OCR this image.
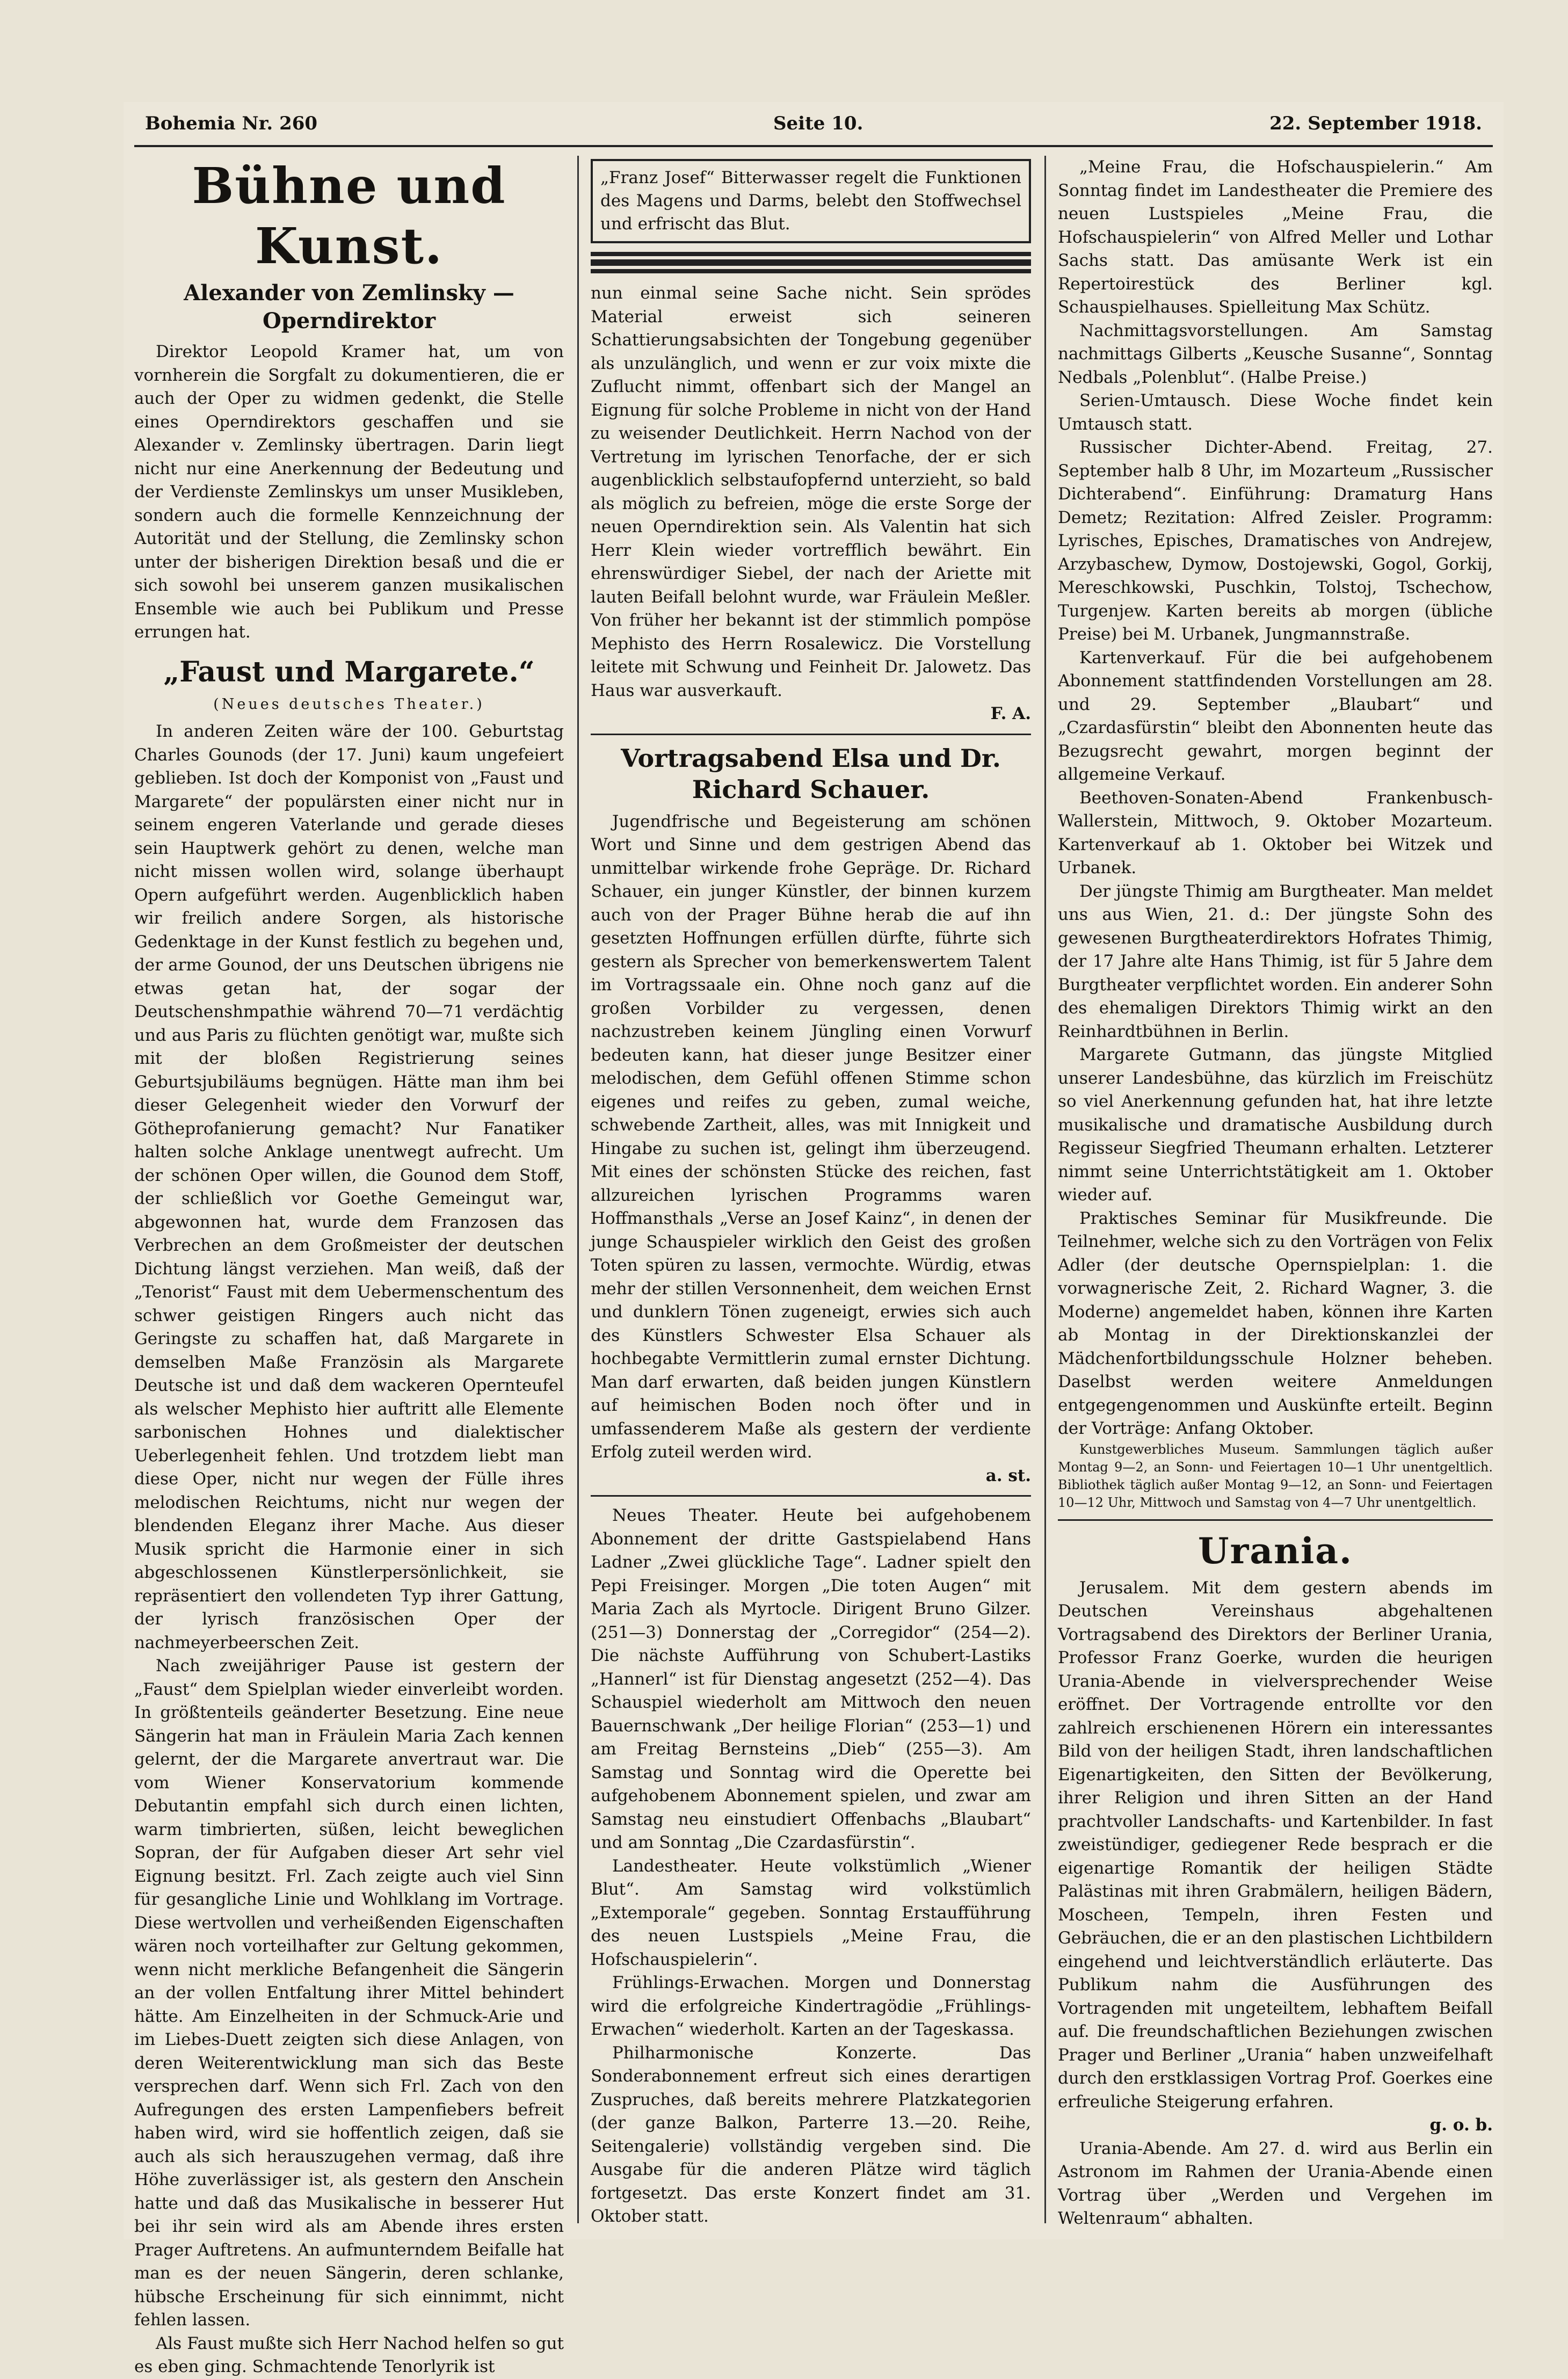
Bohemia Nr. 260	Seite 10.	22. September 1918.
Bühne und Kunst.
Alexander von Zemlinsky — Operndirektor

Direktor Leopold Kramer hat, um von vornherein die Sorgfalt zu dokumentieren, die er auch der Oper zu widmen gedenkt, die Stelle eines Operndirektors geschaffen und sie Alexander v. Zemlinsky übertragen. Darin liegt nicht nur eine Anerkennung der Bedeutung und der Verdienste Zemlinskys um unser Musikleben, sondern auch die formelle Kennzeichnung der Autorität und der Stellung, die Zemlinsky schon unter der bisherigen Direktion besaß und die er sich sowohl bei unserem ganzen musikalischen Ensemble wie auch bei Publikum und Presse errungen hat.

„Faust und Margarete.“
(Neues deutsches Theater.)

In anderen Zeiten wäre der 100. Geburtstag Charles Gounods (der 17. Juni) kaum ungefeiert geblieben. Ist doch der Komponist von „Faust und Margarete“ der populärsten einer nicht nur in seinem engeren Vaterlande und gerade dieses sein Hauptwerk gehört zu denen, welche man nicht missen wollen wird, solange überhaupt Opern aufgeführt werden. Augenblicklich haben wir freilich andere Sorgen, als historische Gedenktage in der Kunst festlich zu begehen und, der arme Gounod, der uns Deutschen übrigens nie etwas getan hat, der sogar der Deutschenshmpathie während 70—71 verdächtig und aus Paris zu flüchten genötigt war, mußte sich mit der bloßen Registrierung seines Geburtsjubiläums begnügen. Hätte man ihm bei dieser Gelegenheit wieder den Vorwurf der Götheprofanierung gemacht? Nur Fanatiker halten solche Anklage unentwegt aufrecht. Um der schönen Oper willen, die Gounod dem Stoff, der schließlich vor Goethe Gemeingut war, abgewonnen hat, wurde dem Franzosen das Verbrechen an dem Großmeister der deutschen Dichtung längst verziehen. Man weiß, daß der „Tenorist“ Faust mit dem Uebermenschentum des schwer geistigen Ringers auch nicht das Geringste zu schaffen hat, daß Margarete in demselben Maße Französin als Margarete Deutsche ist und daß dem wackeren Opernteufel als welscher Mephisto hier auftritt alle Elemente sarbonischen Hohnes und dialektischer Ueberlegenheit fehlen. Und trotzdem liebt man diese Oper, nicht nur wegen der Fülle ihres melodischen Reichtums, nicht nur wegen der blendenden Eleganz ihrer Mache. Aus dieser Musik spricht die Harmonie einer in sich abgeschlossenen Künstlerpersönlichkeit, sie repräsentiert den vollendeten Typ ihrer Gattung, der lyrisch französischen Oper der nachmeyerbeerschen Zeit.

Nach zweijähriger Pause ist gestern der „Faust“ dem Spielplan wieder einverleibt worden. In größtenteils geänderter Besetzung. Eine neue Sängerin hat man in Fräulein Maria Zach kennen gelernt, der die Margarete anvertraut war. Die vom Wiener Konservatorium kommende Debutantin empfahl sich durch einen lichten, warm timbrierten, süßen, leicht beweglichen Sopran, der für Aufgaben dieser Art sehr viel Eignung besitzt. Frl. Zach zeigte auch viel Sinn für gesangliche Linie und Wohlklang im Vortrage. Diese wertvollen und verheißenden Eigenschaften wären noch vorteilhafter zur Geltung gekommen, wenn nicht merkliche Befangenheit die Sängerin an der vollen Entfaltung ihrer Mittel behindert hätte. Am Einzelheiten in der Schmuck-Arie und im Liebes-Duett zeigten sich diese Anlagen, von deren Weiterentwicklung man sich das Beste versprechen darf. Wenn sich Frl. Zach von den Aufregungen des ersten Lampenfiebers befreit haben wird, wird sie hoffentlich zeigen, daß sie auch als sich herauszugehen vermag, daß ihre Höhe zuverlässiger ist, als gestern den Anschein hatte und daß das Musikalische in besserer Hut bei ihr sein wird als am Abende ihres ersten Prager Auftretens. An aufmunterndem Beifalle hat man es der neuen Sängerin, deren schlanke, hübsche Erscheinung für sich einnimmt, nicht fehlen lassen.

Als Faust mußte sich Herr Nachod helfen so gut es eben ging. Schmachtende Tenorlyrik ist

„Franz Josef“ Bitterwasser regelt die Funktionen des Magens und Darms, belebt den Stoffwechsel und erfrischt das Blut.

nun einmal seine Sache nicht. Sein sprödes Material erweist sich seineren Schattierungsabsichten der Tongebung gegenüber als unzulänglich, und wenn er zur voix mixte die Zuflucht nimmt, offenbart sich der Mangel an Eignung für solche Probleme in nicht von der Hand zu weisender Deutlichkeit. Herrn Nachod von der Vertretung im lyrischen Tenorfache, der er sich augenblicklich selbstaufopfernd unterzieht, so bald als möglich zu befreien, möge die erste Sorge der neuen Operndirektion sein. Als Valentin hat sich Herr Klein wieder vortrefflich bewährt. Ein ehrenswürdiger Siebel, der nach der Ariette mit lauten Beifall belohnt wurde, war Fräulein Meßler. Von früher her bekannt ist der stimmlich pompöse Mephisto des Herrn Rosalewicz. Die Vorstellung leitete mit Schwung und Feinheit Dr. Jalowetz. Das Haus war ausverkauft.

F. A.
Vortragsabend Elsa und Dr. Richard Schauer.

Jugendfrische und Begeisterung am schönen Wort und Sinne und dem gestrigen Abend das unmittelbar wirkende frohe Gepräge. Dr. Richard Schauer, ein junger Künstler, der binnen kurzem auch von der Prager Bühne herab die auf ihn gesetzten Hoffnungen erfüllen dürfte, führte sich gestern als Sprecher von bemerkenswertem Talent im Vortragssaale ein. Ohne noch ganz auf die großen Vorbilder zu vergessen, denen nachzustreben keinem Jüngling einen Vorwurf bedeuten kann, hat dieser junge Besitzer einer melodischen, dem Gefühl offenen Stimme schon eigenes und reifes zu geben, zumal weiche, schwebende Zartheit, alles, was mit Innigkeit und Hingabe zu suchen ist, gelingt ihm überzeugend. Mit eines der schönsten Stücke des reichen, fast allzureichen lyrischen Programms waren Hoffmansthals „Verse an Josef Kainz“, in denen der junge Schauspieler wirklich den Geist des großen Toten spüren zu lassen, vermochte. Würdig, etwas mehr der stillen Versonnenheit, dem weichen Ernst und dunklern Tönen zugeneigt, erwies sich auch des Künstlers Schwester Elsa Schauer als hochbegabte Vermittlerin zumal ernster Dichtung. Man darf erwarten, daß beiden jungen Künstlern auf heimischen Boden noch öfter und in umfassenderem Maße als gestern der verdiente Erfolg zuteil werden wird.

a. st.

Neues Theater. Heute bei aufgehobenem Abonnement der dritte Gastspielabend Hans Ladner „Zwei glückliche Tage“. Ladner spielt den Pepi Freisinger. Morgen „Die toten Augen“ mit Maria Zach als Myrtocle. Dirigent Bruno Gilzer. (251—3) Donnerstag der „Corregidor“ (254—2). Die nächste Aufführung von Schubert-Lastiks „Hannerl“ ist für Dienstag angesetzt (252—4). Das Schauspiel wiederholt am Mittwoch den neuen Bauernschwank „Der heilige Florian“ (253—1) und am Freitag Bernsteins „Dieb“ (255—3). Am Samstag und Sonntag wird die Operette bei aufgehobenem Abonnement spielen, und zwar am Samstag neu einstudiert Offenbachs „Blaubart“ und am Sonntag „Die Czardasfürstin“.

Landestheater. Heute volkstümlich „Wiener Blut“. Am Samstag wird volkstümlich „Extemporale“ gegeben. Sonntag Erstaufführung des neuen Lustspiels „Meine Frau, die Hofschauspielerin“.

Frühlings-Erwachen. Morgen und Donnerstag wird die erfolgreiche Kindertragödie „Frühlings-Erwachen“ wiederholt. Karten an der Tageskassa.

Philharmonische Konzerte. Das Sonderabonnement erfreut sich eines derartigen Zuspruches, daß bereits mehrere Platzkategorien (der ganze Balkon, Parterre 13.—20. Reihe, Seitengalerie) vollständig vergeben sind. Die Ausgabe für die anderen Plätze wird täglich fortgesetzt. Das erste Konzert findet am 31. Oktober statt.

„Meine Frau, die Hofschauspielerin.“ Am Sonntag findet im Landestheater die Premiere des neuen Lustspieles „Meine Frau, die Hofschauspielerin“ von Alfred Meller und Lothar Sachs statt. Das amüsante Werk ist ein Repertoirestück des Berliner kgl. Schauspielhauses. Spielleitung Max Schütz.

Nachmittagsvorstellungen. Am Samstag nachmittags Gilberts „Keusche Susanne“, Sonntag Nedbals „Polenblut“. (Halbe Preise.)

Serien-Umtausch. Diese Woche findet kein Umtausch statt.

Russischer Dichter-Abend. Freitag, 27. September halb 8 Uhr, im Mozarteum „Russischer Dichterabend“. Einführung: Dramaturg Hans Demetz; Rezitation: Alfred Zeisler. Programm: Lyrisches, Episches, Dramatisches von Andrejew, Arzybaschew, Dymow, Dostojewski, Gogol, Gorkij, Mereschkowski, Puschkin, Tolstoj, Tschechow, Turgenjew. Karten bereits ab morgen (übliche Preise) bei M. Urbanek, Jungmannstraße.

Kartenverkauf. Für die bei aufgehobenem Abonnement stattfindenden Vorstellungen am 28. und 29. September „Blaubart“ und „Czardasfürstin“ bleibt den Abonnenten heute das Bezugsrecht gewahrt, morgen beginnt der allgemeine Verkauf.

Beethoven-Sonaten-Abend Frankenbusch-Wallerstein, Mittwoch, 9. Oktober Mozarteum. Kartenverkauf ab 1. Oktober bei Witzek und Urbanek.

Der jüngste Thimig am Burgtheater. Man meldet uns aus Wien, 21. d.: Der jüngste Sohn des gewesenen Burgtheaterdirektors Hofrates Thimig, der 17 Jahre alte Hans Thimig, ist für 5 Jahre dem Burgtheater verpflichtet worden. Ein anderer Sohn des ehemaligen Direktors Thimig wirkt an den Reinhardtbühnen in Berlin.

Margarete Gutmann, das jüngste Mitglied unserer Landesbühne, das kürzlich im Freischütz so viel Anerkennung gefunden hat, hat ihre letzte musikalische und dramatische Ausbildung durch Regisseur Siegfried Theumann erhalten. Letzterer nimmt seine Unterrichtstätigkeit am 1. Oktober wieder auf.

Praktisches Seminar für Musikfreunde. Die Teilnehmer, welche sich zu den Vorträgen von Felix Adler (der deutsche Opernspielplan: 1. die vorwagnerische Zeit, 2. Richard Wagner, 3. die Moderne) angemeldet haben, können ihre Karten ab Montag in der Direktionskanzlei der Mädchenfortbildungsschule Holzner beheben. Daselbst werden weitere Anmeldungen entgegengenommen und Auskünfte erteilt. Beginn der Vorträge: Anfang Oktober.

Kunstgewerbliches Museum. Sammlungen täglich außer Montag 9—2, an Sonn- und Feiertagen 10—1 Uhr unentgeltlich. Bibliothek täglich außer Montag 9—12, an Sonn- und Feiertagen 10—12 Uhr, Mittwoch und Samstag von 4—7 Uhr unentgeltlich.

Urania.

Jerusalem. Mit dem gestern abends im Deutschen Vereinshaus abgehaltenen Vortragsabend des Direktors der Berliner Urania, Professor Franz Goerke, wurden die heurigen Urania-Abende in vielversprechender Weise eröffnet. Der Vortragende entrollte vor den zahlreich erschienenen Hörern ein interessantes Bild von der heiligen Stadt, ihren landschaftlichen Eigenartigkeiten, den Sitten der Bevölkerung, ihrer Religion und ihren Sitten an der Hand prachtvoller Landschafts- und Kartenbilder. In fast zweistündiger, gediegener Rede besprach er die eigenartige Romantik der heiligen Städte Palästinas mit ihren Grabmälern, heiligen Bädern, Moscheen, Tempeln, ihren Festen und Gebräuchen, die er an den plastischen Lichtbildern eingehend und leichtverständlich erläuterte. Das Publikum nahm die Ausführungen des Vortragenden mit ungeteiltem, lebhaftem Beifall auf. Die freundschaftlichen Beziehungen zwischen Prager und Berliner „Urania“ haben unzweifelhaft durch den erstklassigen Vortrag Prof. Goerkes eine erfreuliche Steigerung erfahren.

g. o. b.

Urania-Abende. Am 27. d. wird aus Berlin ein Astronom im Rahmen der Urania-Abende einen Vortrag über „Werden und Vergehen im Weltenraum“ abhalten.
